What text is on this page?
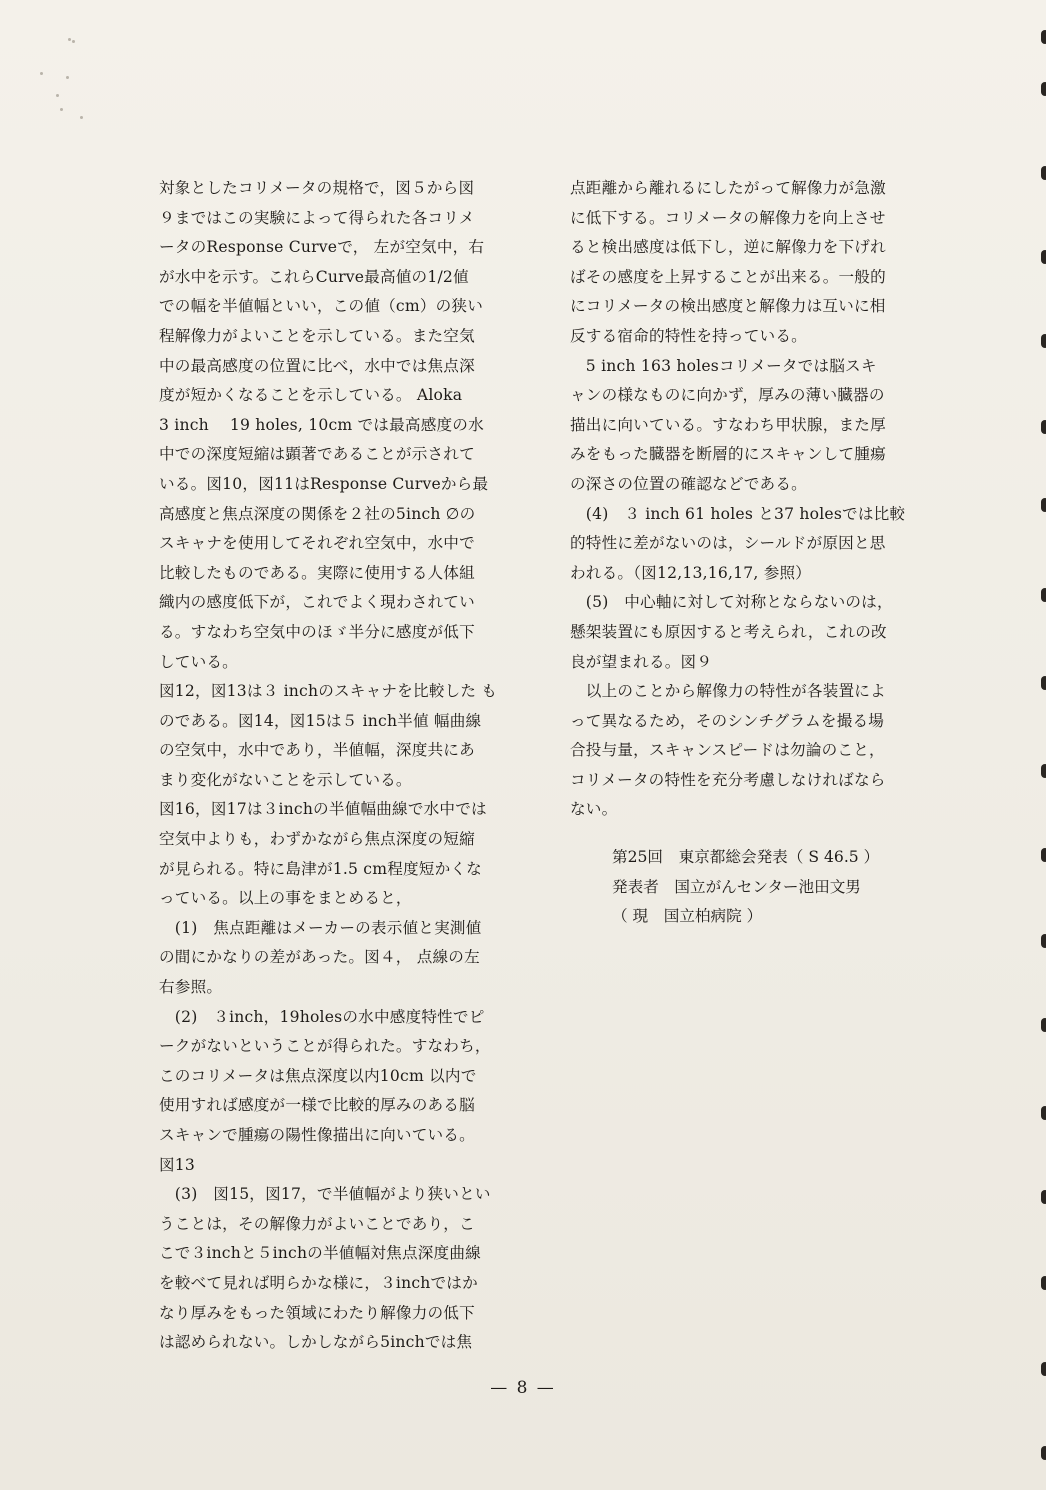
対象としたコリメータの規格で，図５から図
９まではこの実験によって得られた各コリメ
ータのResponse Curveで， 左が空気中，右
が水中を示す。これらCurve最高値の1/2値
での幅を半値幅といい，この値（cm）の狭い
程解像力がよいことを示している。また空気
中の最高感度の位置に比べ，水中では焦点深
度が短かくなることを示している。 Aloka
3 inch　 19 holes, 10cm では最高感度の水
中での深度短縮は顕著であることが示されて
いる。図10，図11はResponse Curveから最
高感度と焦点深度の関係を２社の5inch ∅の
スキャナを使用してそれぞれ空気中，水中で
比較したものである。実際に使用する人体組
織内の感度低下が，これでよく現わされてい
る。すなわち空気中のほゞ半分に感度が低下
している。
図12，図13は３ inchのスキャナを比較した も
のである。図14，図15は５ inch半値 幅曲線
の空気中，水中であり，半値幅，深度共にあ
まり変化がないことを示している。
図16，図17は３inchの半値幅曲線で水中では
空気中よりも，わずかながら焦点深度の短縮
が見られる。特に島津が1.5 cm程度短かくな
っている。以上の事をまとめると，
　(1)　焦点距離はメーカーの表示値と実測値
の間にかなりの差があった。図４， 点線の左
右参照。
　(2)　３inch，19holesの水中感度特性でピ
ークがないということが得られた。すなわち，
このコリメータは焦点深度以内10cm 以内で
使用すれば感度が一様で比較的厚みのある脳
スキャンで腫瘍の陽性像描出に向いている。
図13
　(3)　図15，図17，で半値幅がより狭いとい
うことは，その解像力がよいことであり，こ
こで３inchと５inchの半値幅対焦点深度曲線
を較べて見れば明らかな様に，３inchではか
なり厚みをもった領域にわたり解像力の低下
は認められない。しかしながら5inchでは焦
点距離から離れるにしたがって解像力が急激
に低下する。コリメータの解像力を向上させ
ると検出感度は低下し，逆に解像力を下げれ
ばその感度を上昇することが出来る。一般的
にコリメータの検出感度と解像力は互いに相
反する宿命的特性を持っている。
　5 inch 163 holesコリメータでは脳スキ
ャンの様なものに向かず，厚みの薄い臓器の
描出に向いている。すなわち甲状腺，また厚
みをもった臓器を断層的にスキャンして腫瘍
の深さの位置の確認などである。
　(4)　３ inch 61 holes と37 holesでは比較
的特性に差がないのは，シールドが原因と思
われる。（図12,13,16,17, 参照）
　(5)　中心軸に対して対称とならないのは，
懸架装置にも原因すると考えられ，これの改
良が望まれる。図９
　以上のことから解像力の特性が各装置によ
って異なるため，そのシンチグラムを撮る場
合投与量，スキャンスピードは勿論のこと，
コリメータの特性を充分考慮しなければなら
ない。
第25回　東京都総会発表（ S 46.5 ）
発表者　国立がんセンター池田文男
（ 現　国立柏病院 ）
— 8 —
